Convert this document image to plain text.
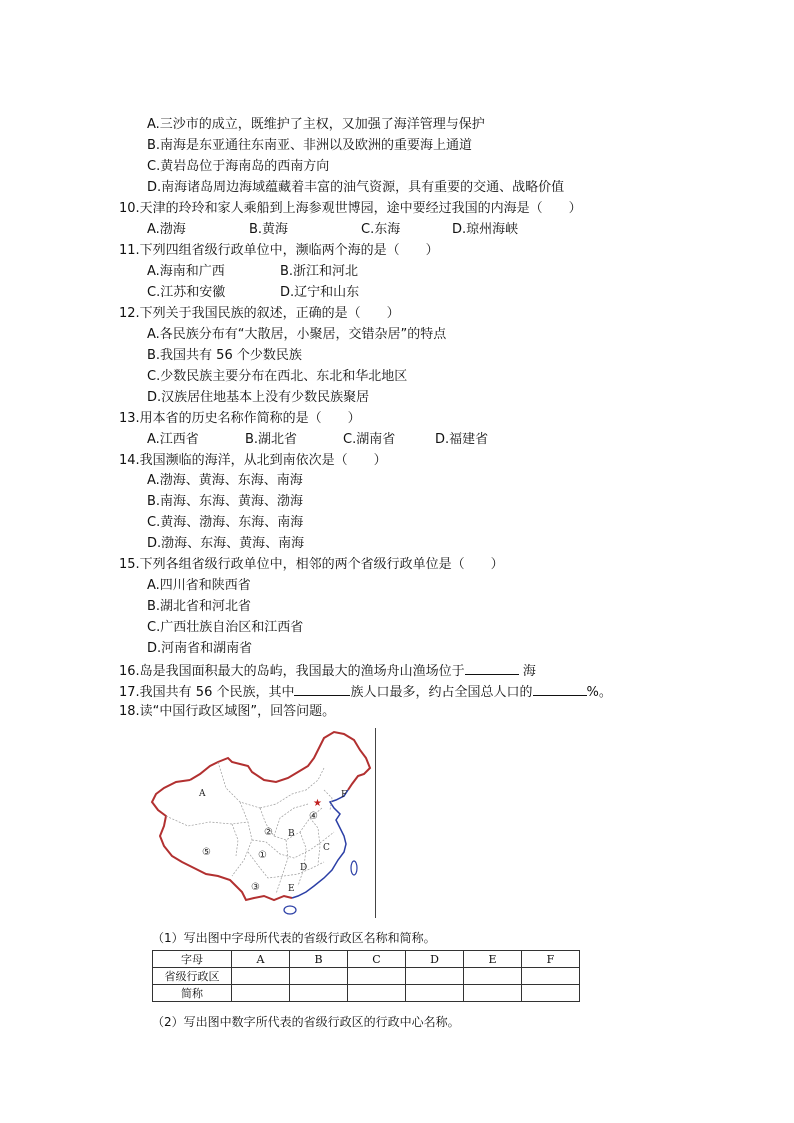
A.三沙市的成立，既维护了主权，又加强了海洋管理与保护
B.南海是东亚通往东南亚、非洲以及欧洲的重要海上通道
C.黄岩岛位于海南岛的西南方向
D.南海诸岛周边海域蕴藏着丰富的油气资源，具有重要的交通、战略价值
10.天津的玲玲和家人乘船到上海参观世博园，途中要经过我国的内海是（　　）
A.渤海	B.黄海	C.东海	D.琼州海峡
11.下列四组省级行政单位中，濒临两个海的是（　　）
A.海南和广西	B.浙江和河北
C.江苏和安徽	D.辽宁和山东
12.下列关于我国民族的叙述，正确的是（　　）
A.各民族分布有“大散居，小聚居，交错杂居”的特点
B.我国共有 56 个少数民族
C.少数民族主要分布在西北、东北和华北地区
D.汉族居住地基本上没有少数民族聚居
13.用本省的历史名称作简称的是（　　）
A.江西省	B.湖北省	C.湖南省	D.福建省
14.我国濒临的海洋，从北到南依次是（　　）
A.渤海、黄海、东海、南海
B.南海、东海、黄海、渤海
C.黄海、渤海、东海、南海
D.渤海、东海、黄海、南海
15.下列各组省级行政单位中，相邻的两个省级行政单位是（　　）
A.四川省和陕西省
B.湖北省和河北省
C.广西壮族自治区和江西省
D.河南省和湖南省
16.岛是我国面积最大的岛屿，我国最大的渔场舟山渔场位于	海
17.我国共有 56 个民族，其中	族人口最多，约占全国总人口的	%。
18.读“中国行政区域图”，回答问题。
★
A
B
C
D
E
F
①
②
③
④
⑤
（1）写出图中字母所代表的省级行政区名称和简称。
字母	A	B	C	D	E	F
省级行政区						
简称						
（2）写出图中数字所代表的省级行政区的行政中心名称。
